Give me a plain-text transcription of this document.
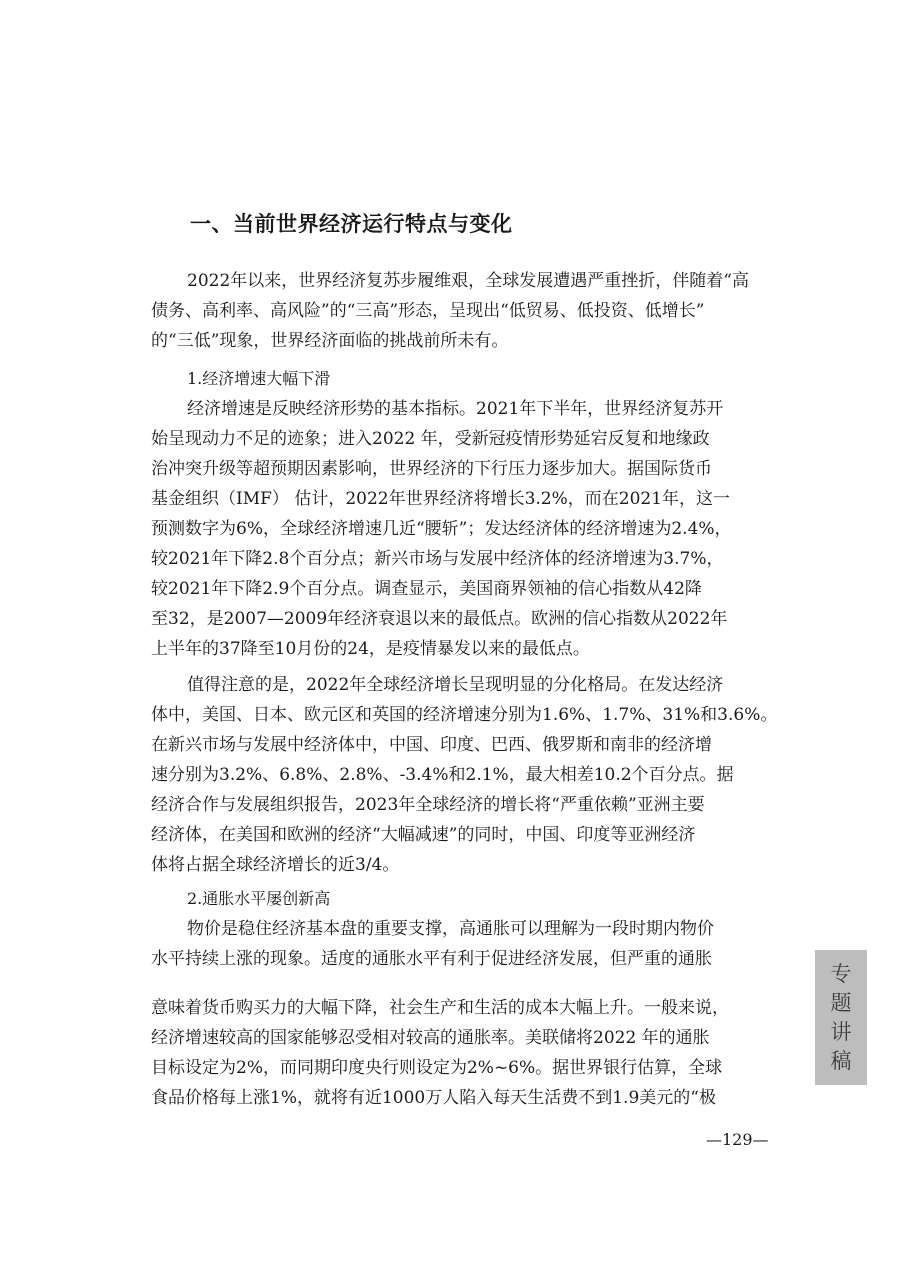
一、当前世界经济运行特点与变化
2022年以来，世界经济复苏步履维艰，全球发展遭遇严重挫折，伴随着“高
债务、高利率、高风险”的“三高”形态，呈现出“低贸易、低投资、低增长”
的“三低”现象，世界经济面临的挑战前所未有。
1.经济增速大幅下滑
经济增速是反映经济形势的基本指标。2021年下半年，世界经济复苏开
始呈现动力不足的迹象；进入2022 年，受新冠疫情形势延宕反复和地缘政
治冲突升级等超预期因素影响，世界经济的下行压力逐步加大。据国际货币
基金组织（IMF） 估计，2022年世界经济将增长3.2%，而在2021年，这一
预测数字为6%，全球经济增速几近“腰斩”；发达经济体的经济增速为2.4%，
较2021年下降2.8个百分点；新兴市场与发展中经济体的经济增速为3.7%，
较2021年下降2.9个百分点。调查显示，美国商界领袖的信心指数从42降
至32，是2007—2009年经济衰退以来的最低点。欧洲的信心指数从2022年
上半年的37降至10月份的24，是疫情暴发以来的最低点。
值得注意的是，2022年全球经济增长呈现明显的分化格局。在发达经济
体中，美国、日本、欧元区和英国的经济增速分别为1.6%、1.7%、31%和3.6%。
在新兴市场与发展中经济体中，中国、印度、巴西、俄罗斯和南非的经济增
速分别为3.2%、6.8%、2.8%、-3.4%和2.1%，最大相差10.2个百分点。据
经济合作与发展组织报告，2023年全球经济的增长将“严重依赖”亚洲主要
经济体，在美国和欧洲的经济“大幅减速”的同时，中国、印度等亚洲经济
体将占据全球经济增长的近3/4。
2.通胀水平屡创新高
物价是稳住经济基本盘的重要支撑，高通胀可以理解为一段时期内物价
水平持续上涨的现象。适度的通胀水平有利于促进经济发展，但严重的通胀
意味着货币购买力的大幅下降，社会生产和生活的成本大幅上升。一般来说，
经济增速较高的国家能够忍受相对较高的通胀率。美联储将2022 年的通胀
目标设定为2%，而同期印度央行则设定为2%~6%。据世界银行估算，全球
食品价格每上涨1%，就将有近1000万人陷入每天生活费不到1.9美元的“极
专
题
讲
稿
—129—
